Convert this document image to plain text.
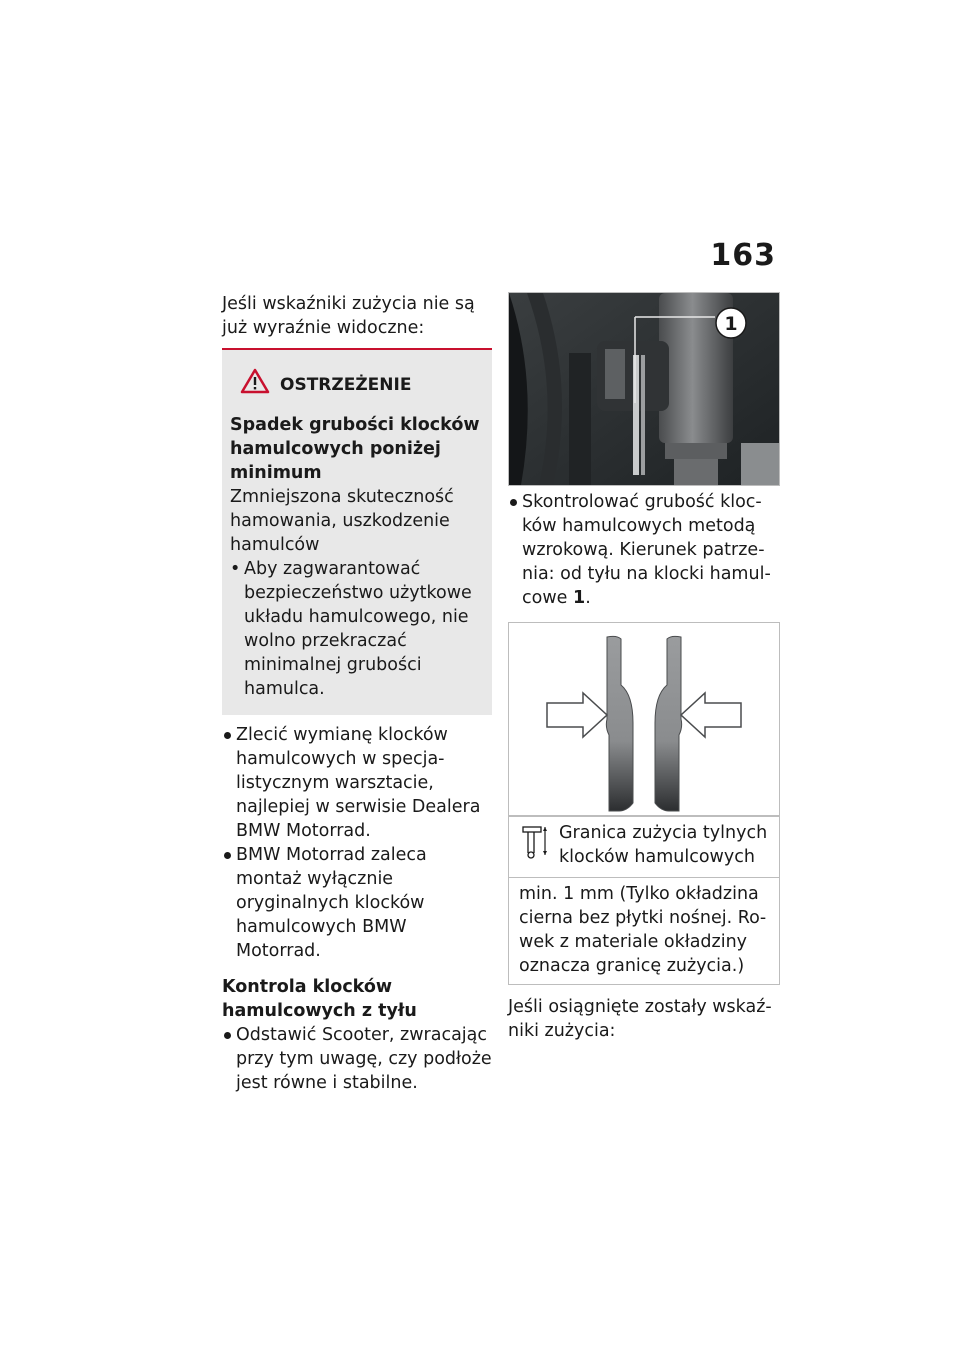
163

Jeśli wskaźniki zużycia nie są już wyraźnie widoczne:

OSTRZEŻENIE

Spadek grubości klocków hamulcowych poniżej minimum

Zmniejszona skuteczność hamowania, uszkodzenie hamulców

• Aby zagwarantować bezpieczeństwo użytkowe układu hamulcowego, nie wolno przekraczać minimalnej grubości hamulca.

Zlecić wymianę klocków hamulcowych w specjalistycznym warsztacie, najlepiej w serwisie Dealera BMW Motorrad.

BMW Motorrad zaleca montaż wyłącznie oryginalnych klocków hamulcowych BMW Motorrad.

Kontrola klocków hamulcowych z tyłu

Odstawić Scooter, zwracając przy tym uwagę, czy podłoże jest równe i stabilne.

1

Skontrolować grubość klocków hamulcowych metodą wzrokową. Kierunek patrzenia: od tyłu na klocki hamulcowe 1.

Granica zużycia tylnych klocków hamulcowych
min. 1 mm (Tylko okładzina cierna bez płytki nośnej. Rowek z materiale okładziny oznacza granicę zużycia.)

Jeśli osiągnięte zostały wskaźniki zużycia:
